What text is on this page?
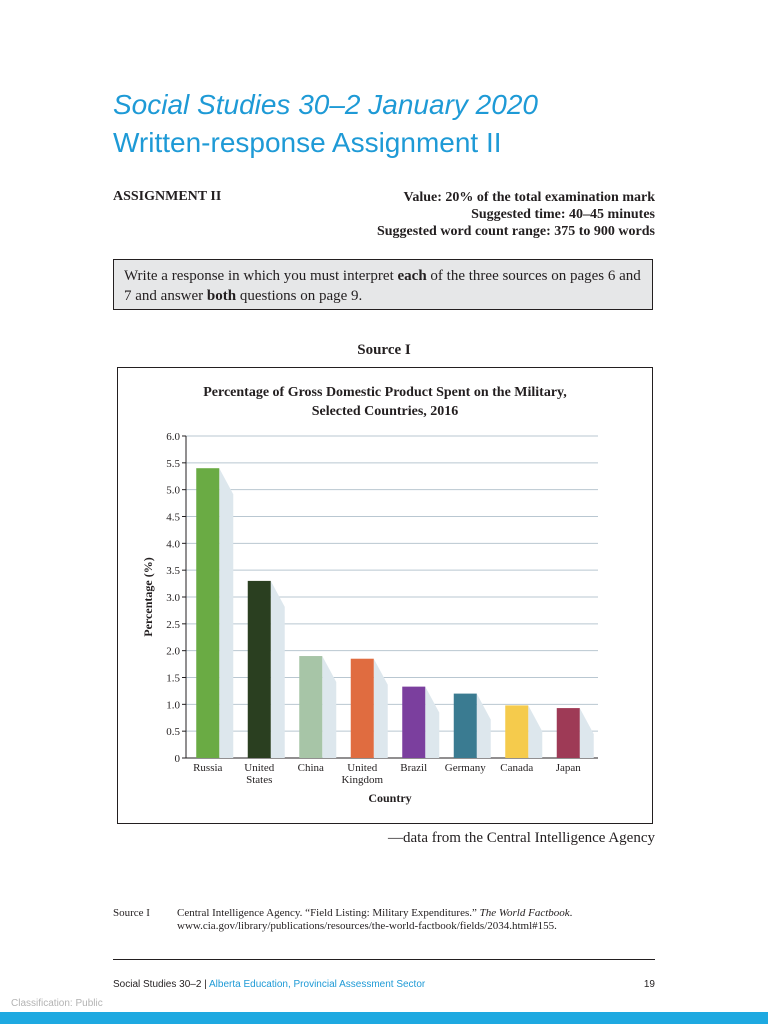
Social Studies 30–2 January 2020
Written-response Assignment II
ASSIGNMENT II	Value: 20% of the total examination mark
Suggested time: 40–45 minutes
Suggested word count range: 375 to 900 words
Write a response in which you must interpret each of the three sources on pages 6 and 7 and answer both questions on page 9.
Source I
Percentage of Gross Domestic Product Spent on the Military,
Selected Countries, 2016
0
0.5
1.0
1.5
2.0
2.5
3.0
3.5
4.0
4.5
5.0
5.5
6.0
Russia United
States
China United
Kingdom
Brazil Germany Canada Japan
Country
Percentage (%)
—data from the Central Intelligence Agency
Source I Central Intelligence Agency. “Field Listing: Military Expenditures.” The World Factbook. www.cia.gov/library/publications/resources/the-world-factbook/fields/2034.html#155.
Social Studies 30–2 | Alberta Education, Provincial Assessment Sector	19
Classification: Public
